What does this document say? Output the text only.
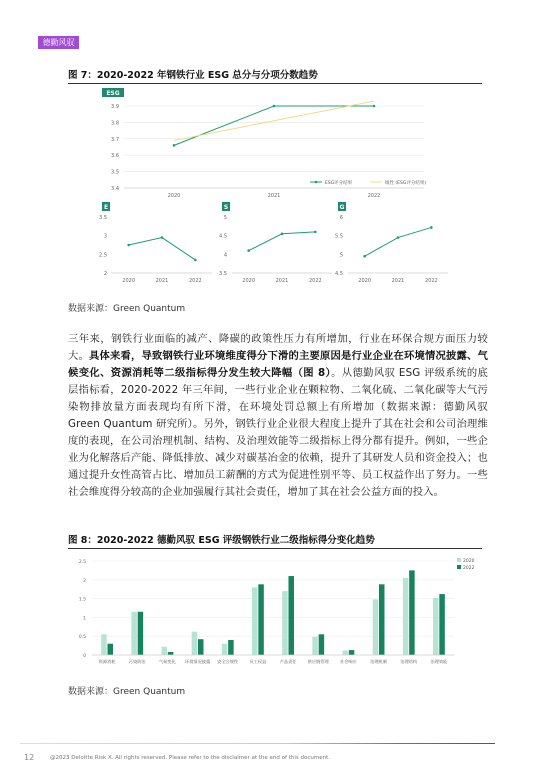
德勤风驭
图 7：2020-2022 年钢铁行业 ESG 总分与分项分数趋势
ESG
3.4
3.5
3.6
3.7
3.8
3.9
2020	2021	2022
ESG评分结果	线性 (ESG评分结果)
E
2
2.5
3
3.5
2020	2021	2022
S
3.5
4
4.5
5
2020	2021	2022
G
4.5
5
5.5
6
2020	2021	2022
数据来源：Green Quantum
三年来，钢铁行业面临的减产、降碳的政策性压力有所增加，行业在环保合规方面压力较大。具体来看，导致钢铁行业环境维度得分下滑的主要原因是行业企业在环境情况披露、气候变化、资源消耗等二级指标得分发生较大降幅（图 8）。从德勤风驭 ESG 评级系统的底层指标看，2020-2022 年三年间，一些行业企业在颗粒物、二氧化硫、二氧化碳等大气污染物排放量方面表现均有所下滑，在环境处罚总额上有所增加（数据来源：德勤风驭 Green Quantum 研究所）。另外，钢铁行业企业很大程度上提升了其在社会和公司治理维度的表现，在公司治理机制、结构、及治理效能等二级指标上得分都有提升。例如，一些企业为化解落后产能、降低排放、减少对碳基冶金的依赖，提升了其研发人员和资金投入；也通过提升女性高管占比、增加员工薪酬的方式为促进性别平等、员工权益作出了努力。一些社会维度得分较高的企业加强履行其社会责任，增加了其在社会公益方面的投入。
图 8：2020-2022 德勤风驭 ESG 评级钢铁行业二级指标得分变化趋势
0
0.5
1
1.5
2
2.5
资源消耗	污染防治	气候变化 环境情况披露 安全合规性	员工权益	产品责任	供应链管理	社会响应	治理机制	治理结构	治理效能
2020
2022
数据来源：Green Quantum
12	@2023 Deloitte Risk X. All rights reserved. Please refer to the disclaimer at the end of this document.
